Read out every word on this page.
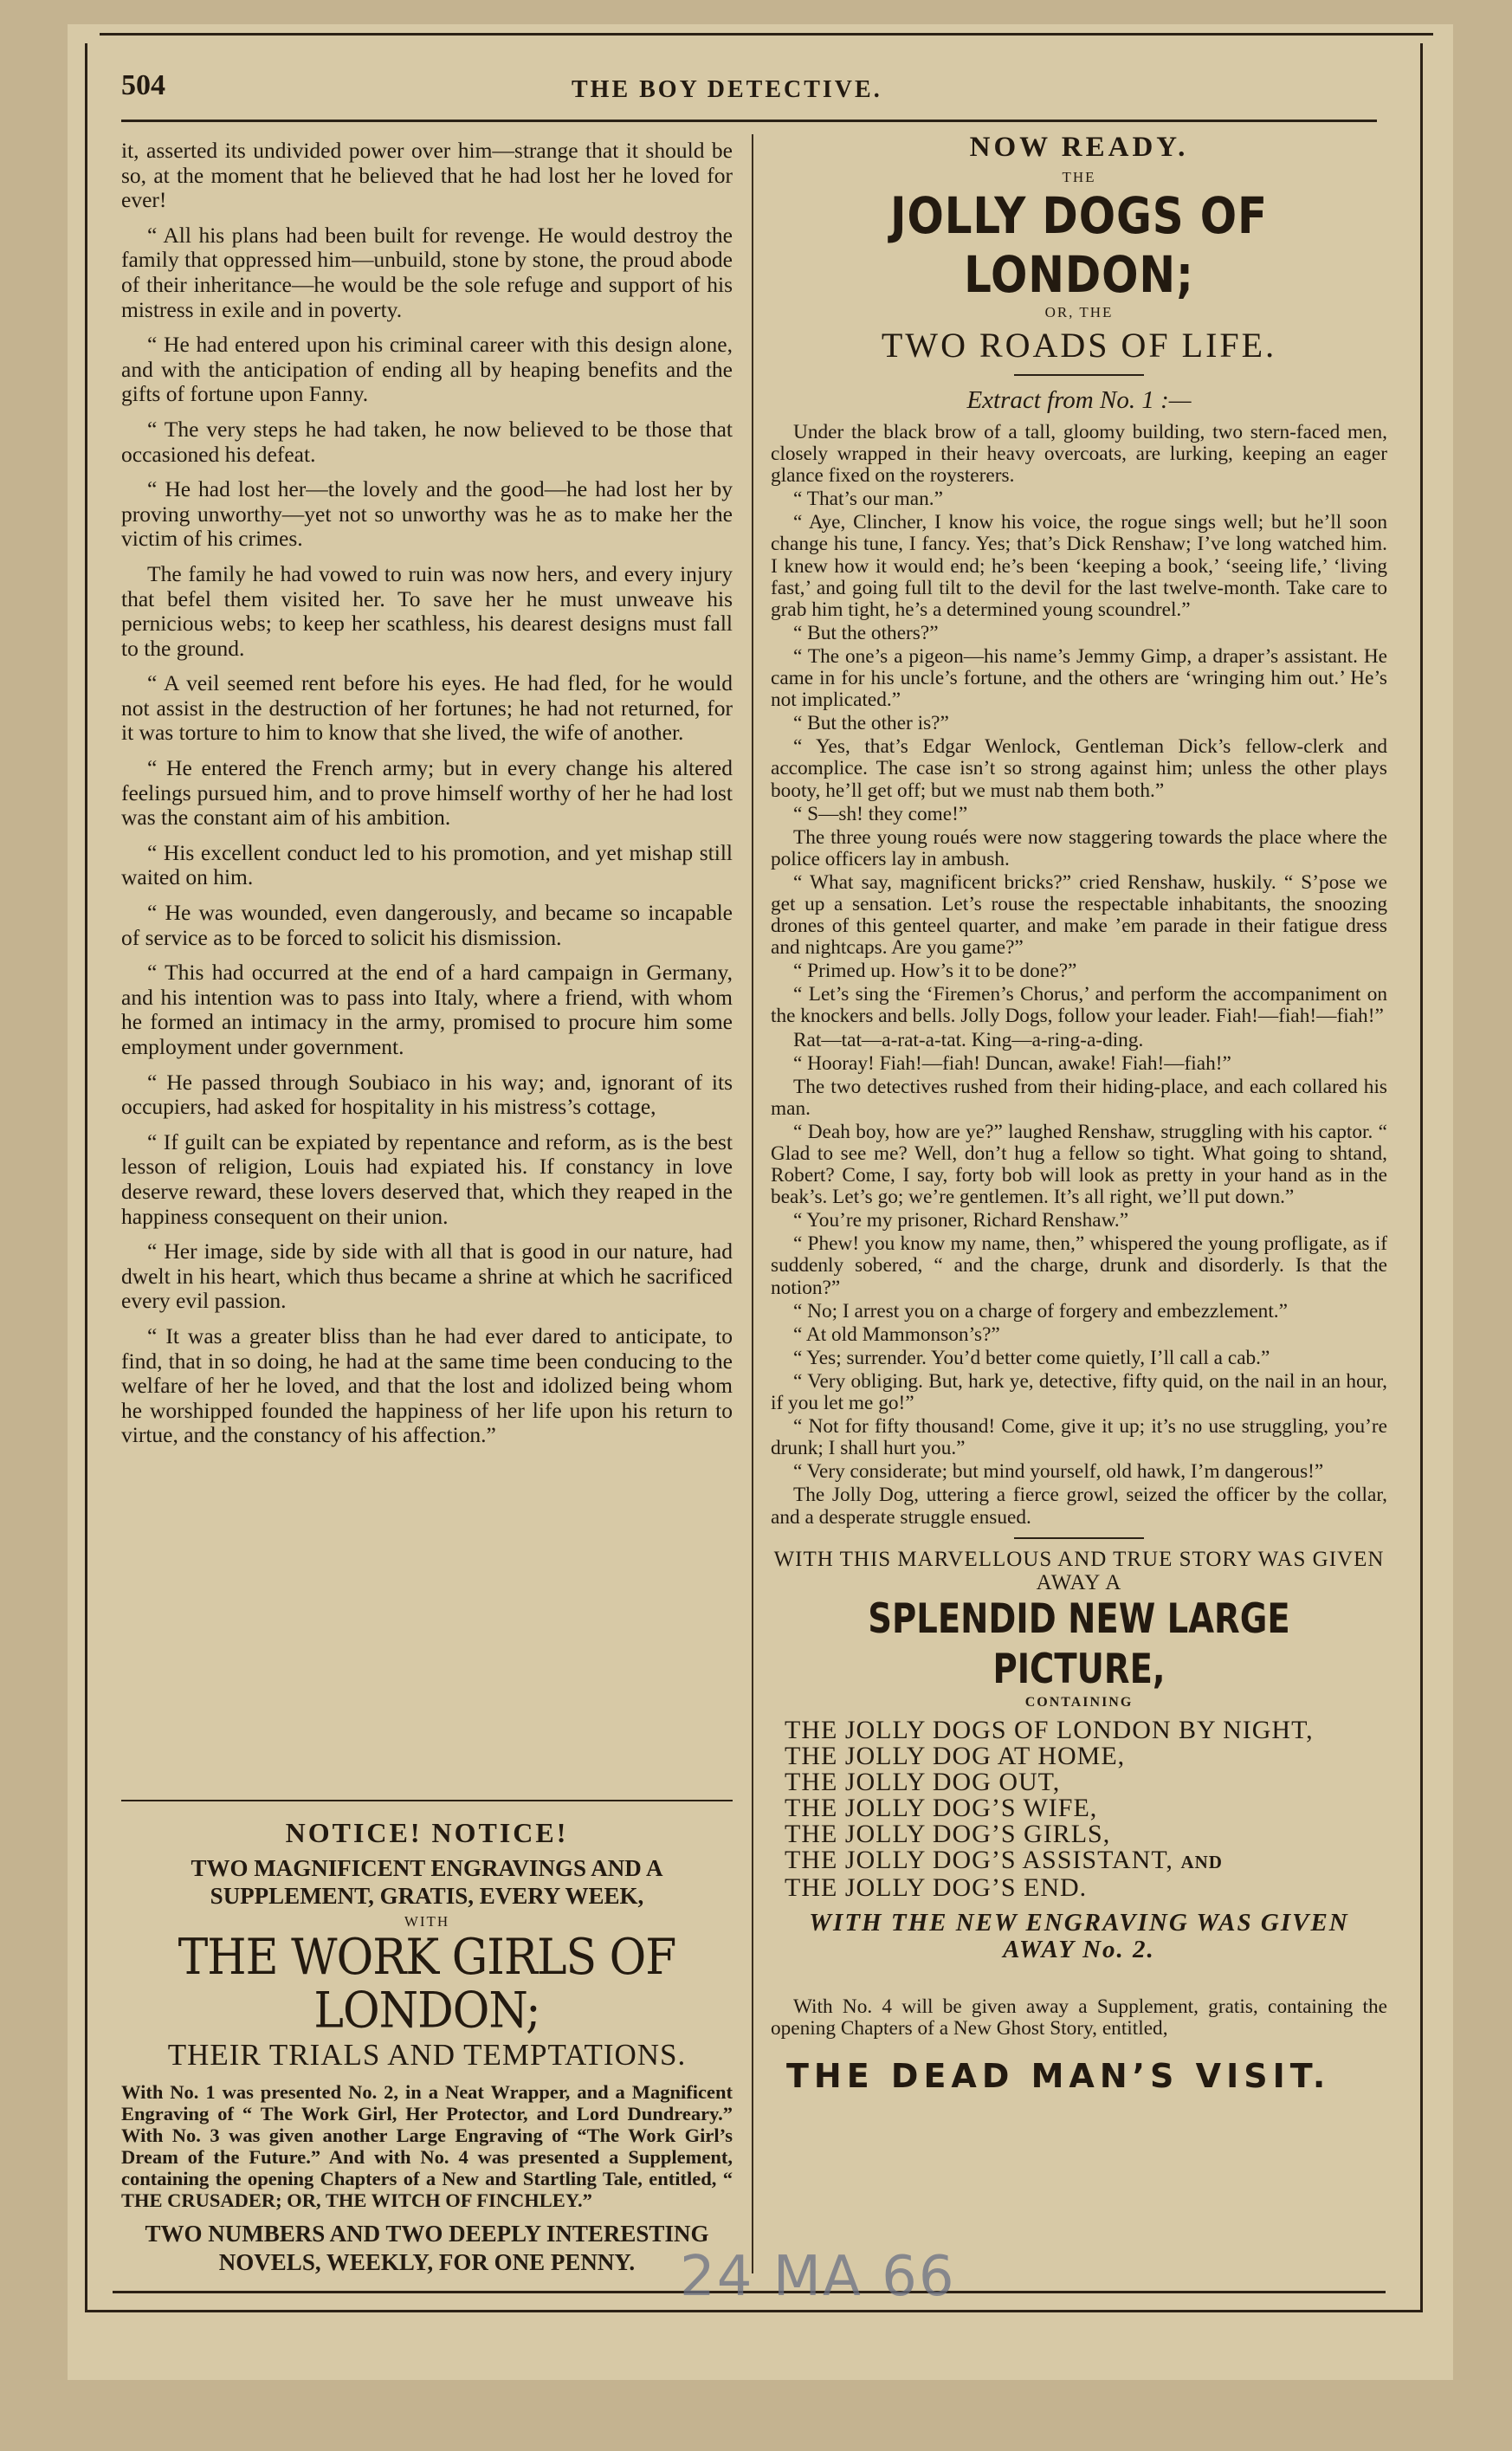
504	THE BOY DETECTIVE.

it, asserted its undivided power over him—strange that it should be so, at the moment that he believed that he had lost her he loved for ever!

“ All his plans had been built for revenge. He would destroy the family that oppressed him—unbuild, stone by stone, the proud abode of their inheritance—he would be the sole refuge and support of his mistress in exile and in poverty.

“ He had entered upon his criminal career with this design alone, and with the anticipation of ending all by heaping benefits and the gifts of fortune upon Fanny.

“ The very steps he had taken, he now believed to be those that occasioned his defeat.

“ He had lost her—the lovely and the good—he had lost her by proving unworthy—yet not so unworthy was he as to make her the victim of his crimes.

The family he had vowed to ruin was now hers, and every injury that befel them visited her. To save her he must unweave his pernicious webs; to keep her scathless, his dearest designs must fall to the ground.

“ A veil seemed rent before his eyes. He had fled, for he would not assist in the destruction of her fortunes; he had not returned, for it was torture to him to know that she lived, the wife of another.

“ He entered the French army; but in every change his altered feelings pursued him, and to prove himself worthy of her he had lost was the constant aim of his ambition.

“ His excellent conduct led to his promotion, and yet mishap still waited on him.

“ He was wounded, even dangerously, and became so incapable of service as to be forced to solicit his dismission.

“ This had occurred at the end of a hard campaign in Germany, and his intention was to pass into Italy, where a friend, with whom he formed an intimacy in the army, promised to procure him some employment under government.

“ He passed through Soubiaco in his way; and, ignorant of its occupiers, had asked for hospitality in his mistress’s cottage,

“ If guilt can be expiated by repentance and reform, as is the best lesson of religion, Louis had expiated his. If constancy in love deserve reward, these lovers deserved that, which they reaped in the happiness consequent on their union.

“ Her image, side by side with all that is good in our nature, had dwelt in his heart, which thus became a shrine at which he sacrificed every evil passion.

“ It was a greater bliss than he had ever dared to anticipate, to find, that in so doing, he had at the same time been conducing to the welfare of her he loved, and that the lost and idolized being whom he worshipped founded the happiness of her life upon his return to virtue, and the constancy of his affection.”

NOTICE! NOTICE!
TWO MAGNIFICENT ENGRAVINGS AND A SUPPLEMENT, GRATIS, EVERY WEEK,
WITH
THE WORK GIRLS OF LONDON;
THEIR TRIALS AND TEMPTATIONS.
With No. 1 was presented No. 2, in a Neat Wrapper, and a Magnificent Engraving of “ The Work Girl, Her Protector, and Lord Dundreary.” With No. 3 was given another Large Engraving of “The Work Girl’s Dream of the Future.” And with No. 4 was presented a Supplement, containing the opening Chapters of a New and Startling Tale, entitled, “ THE CRUSADER; OR, THE WITCH OF FINCHLEY.”
TWO NUMBERS AND TWO DEEPLY INTERESTING NOVELS, WEEKLY, FOR ONE PENNY.
NOW READY.
THE
JOLLY DOGS OF LONDON;
OR, THE
TWO ROADS OF LIFE.
Extract from No. 1 :—

Under the black brow of a tall, gloomy building, two stern-faced men, closely wrapped in their heavy overcoats, are lurking, keeping an eager glance fixed on the roysterers.

“ That’s our man.”

“ Aye, Clincher, I know his voice, the rogue sings well; but he’ll soon change his tune, I fancy. Yes; that’s Dick Renshaw; I’ve long watched him. I knew how it would end; he’s been ‘keeping a book,’ ‘seeing life,’ ‘living fast,’ and going full tilt to the devil for the last twelve-month. Take care to grab him tight, he’s a determined young scoundrel.”

“ But the others?”

“ The one’s a pigeon—his name’s Jemmy Gimp, a draper’s assistant. He came in for his uncle’s fortune, and the others are ‘wringing him out.’ He’s not implicated.”

“ But the other is?”

“ Yes, that’s Edgar Wenlock, Gentleman Dick’s fellow-clerk and accomplice. The case isn’t so strong against him; unless the other plays booty, he’ll get off; but we must nab them both.”

“ S—sh! they come!”

The three young roués were now staggering towards the place where the police officers lay in ambush.

“ What say, magnificent bricks?” cried Renshaw, huskily. “ S’pose we get up a sensation. Let’s rouse the respectable inhabitants, the snoozing drones of this genteel quarter, and make ’em parade in their fatigue dress and nightcaps. Are you game?”

“ Primed up. How’s it to be done?”

“ Let’s sing the ‘Firemen’s Chorus,’ and perform the accompaniment on the knockers and bells. Jolly Dogs, follow your leader. Fiah!—fiah!—fiah!”

Rat—tat—a-rat-a-tat. King—a-ring-a-ding.

“ Hooray! Fiah!—fiah! Duncan, awake! Fiah!—fiah!”

The two detectives rushed from their hiding-place, and each collared his man.

“ Deah boy, how are ye?” laughed Renshaw, struggling with his captor. “ Glad to see me? Well, don’t hug a fellow so tight. What going to shtand, Robert? Come, I say, forty bob will look as pretty in your hand as in the beak’s. Let’s go; we’re gentlemen. It’s all right, we’ll put down.”

“ You’re my prisoner, Richard Renshaw.”

“ Phew! you know my name, then,” whispered the young profligate, as if suddenly sobered, “ and the charge, drunk and disorderly. Is that the notion?”

“ No; I arrest you on a charge of forgery and embezzlement.”

“ At old Mammonson’s?”

“ Yes; surrender. You’d better come quietly, I’ll call a cab.”

“ Very obliging. But, hark ye, detective, fifty quid, on the nail in an hour, if you let me go!”

“ Not for fifty thousand! Come, give it up; it’s no use struggling, you’re drunk; I shall hurt you.”

“ Very considerate; but mind yourself, old hawk, I’m dangerous!”

The Jolly Dog, uttering a fierce growl, seized the officer by the collar, and a desperate struggle ensued.

WITH THIS MARVELLOUS AND TRUE STORY WAS GIVEN AWAY A
SPLENDID NEW LARGE PICTURE,
CONTAINING
THE JOLLY DOGS OF LONDON BY NIGHT,
THE JOLLY DOG AT HOME,
THE JOLLY DOG OUT,
THE JOLLY DOG’S WIFE,
THE JOLLY DOG’S GIRLS,
THE JOLLY DOG’S ASSISTANT, AND
THE JOLLY DOG’S END.
WITH THE NEW ENGRAVING WAS GIVEN AWAY No. 2.
With No. 4 will be given away a Supplement, gratis, containing the opening Chapters of a New Ghost Story, entitled,
THE DEAD MAN’S VISIT.
24 MA 66
